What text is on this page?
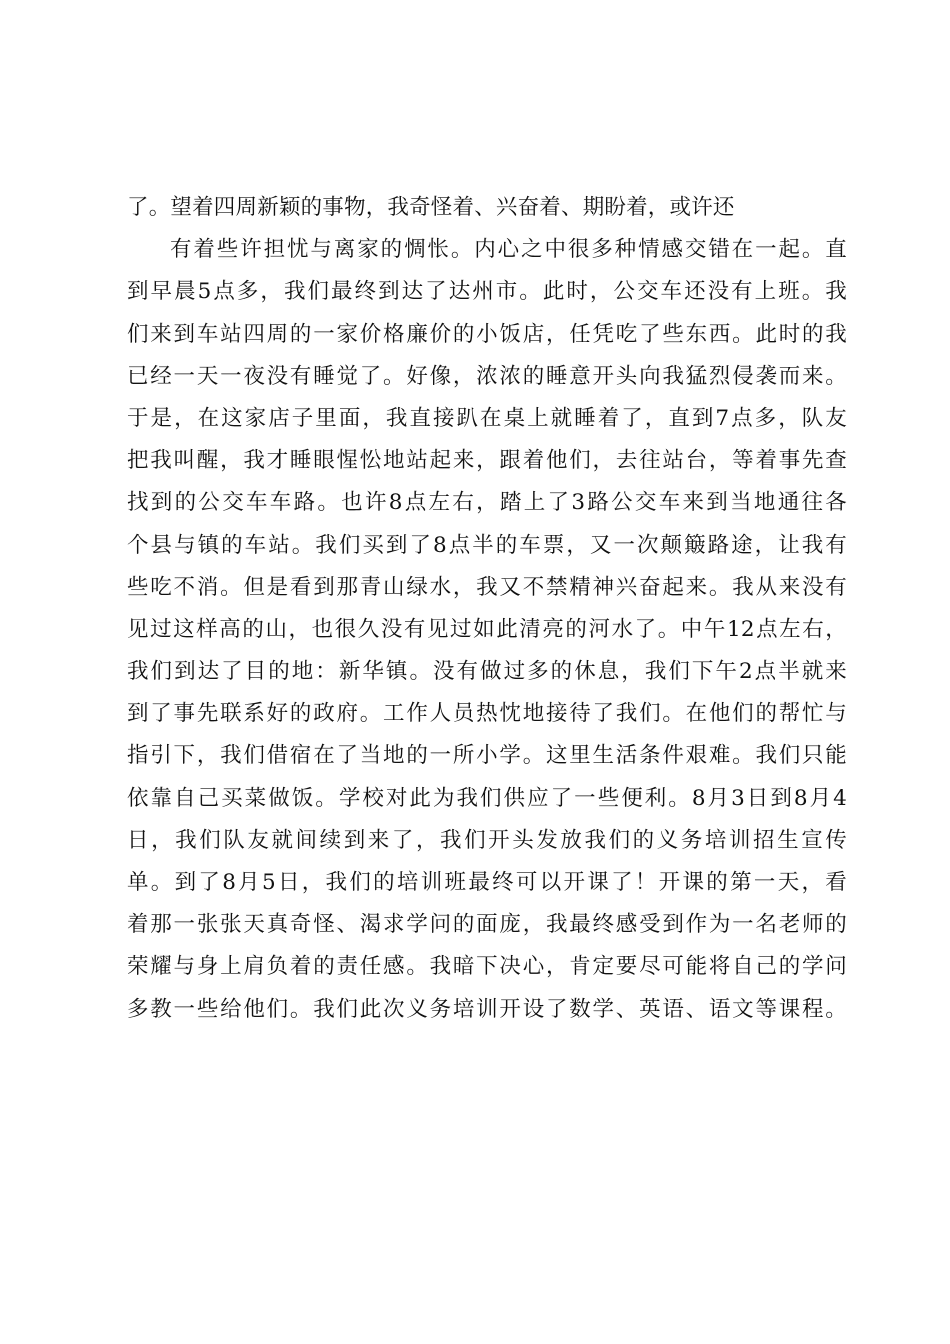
了。望着四周新颖的事物，我奇怪着、兴奋着、期盼着，或许还
有着些许担忧与离家的惆怅。内心之中很多种情感交错在一起。直
到早晨5点多，我们最终到达了达州市。此时，公交车还没有上班。我
们来到车站四周的一家价格廉价的小饭店，任凭吃了些东西。此时的我
已经一天一夜没有睡觉了。好像，浓浓的睡意开头向我猛烈侵袭而来。
于是，在这家店子里面，我直接趴在桌上就睡着了，直到7点多，队友
把我叫醒，我才睡眼惺忪地站起来，跟着他们，去往站台，等着事先查
找到的公交车车路。也许8点左右，踏上了3路公交车来到当地通往各
个县与镇的车站。我们买到了8点半的车票，又一次颠簸路途，让我有
些吃不消。但是看到那青山绿水，我又不禁精神兴奋起来。我从来没有
见过这样高的山，也很久没有见过如此清亮的河水了。中午12点左右，
我们到达了目的地：新华镇。没有做过多的休息，我们下午2点半就来
到了事先联系好的政府。工作人员热忱地接待了我们。在他们的帮忙与
指引下，我们借宿在了当地的一所小学。这里生活条件艰难。我们只能
依靠自己买菜做饭。学校对此为我们供应了一些便利。8月3日到8月4
日，我们队友就间续到来了，我们开头发放我们的义务培训招生宣传
单。到了8月5日，我们的培训班最终可以开课了！开课的第一天，看
着那一张张天真奇怪、渴求学问的面庞，我最终感受到作为一名老师的
荣耀与身上肩负着的责任感。我暗下决心，肯定要尽可能将自己的学问
多教一些给他们。我们此次义务培训开设了数学、英语、语文等课程。
